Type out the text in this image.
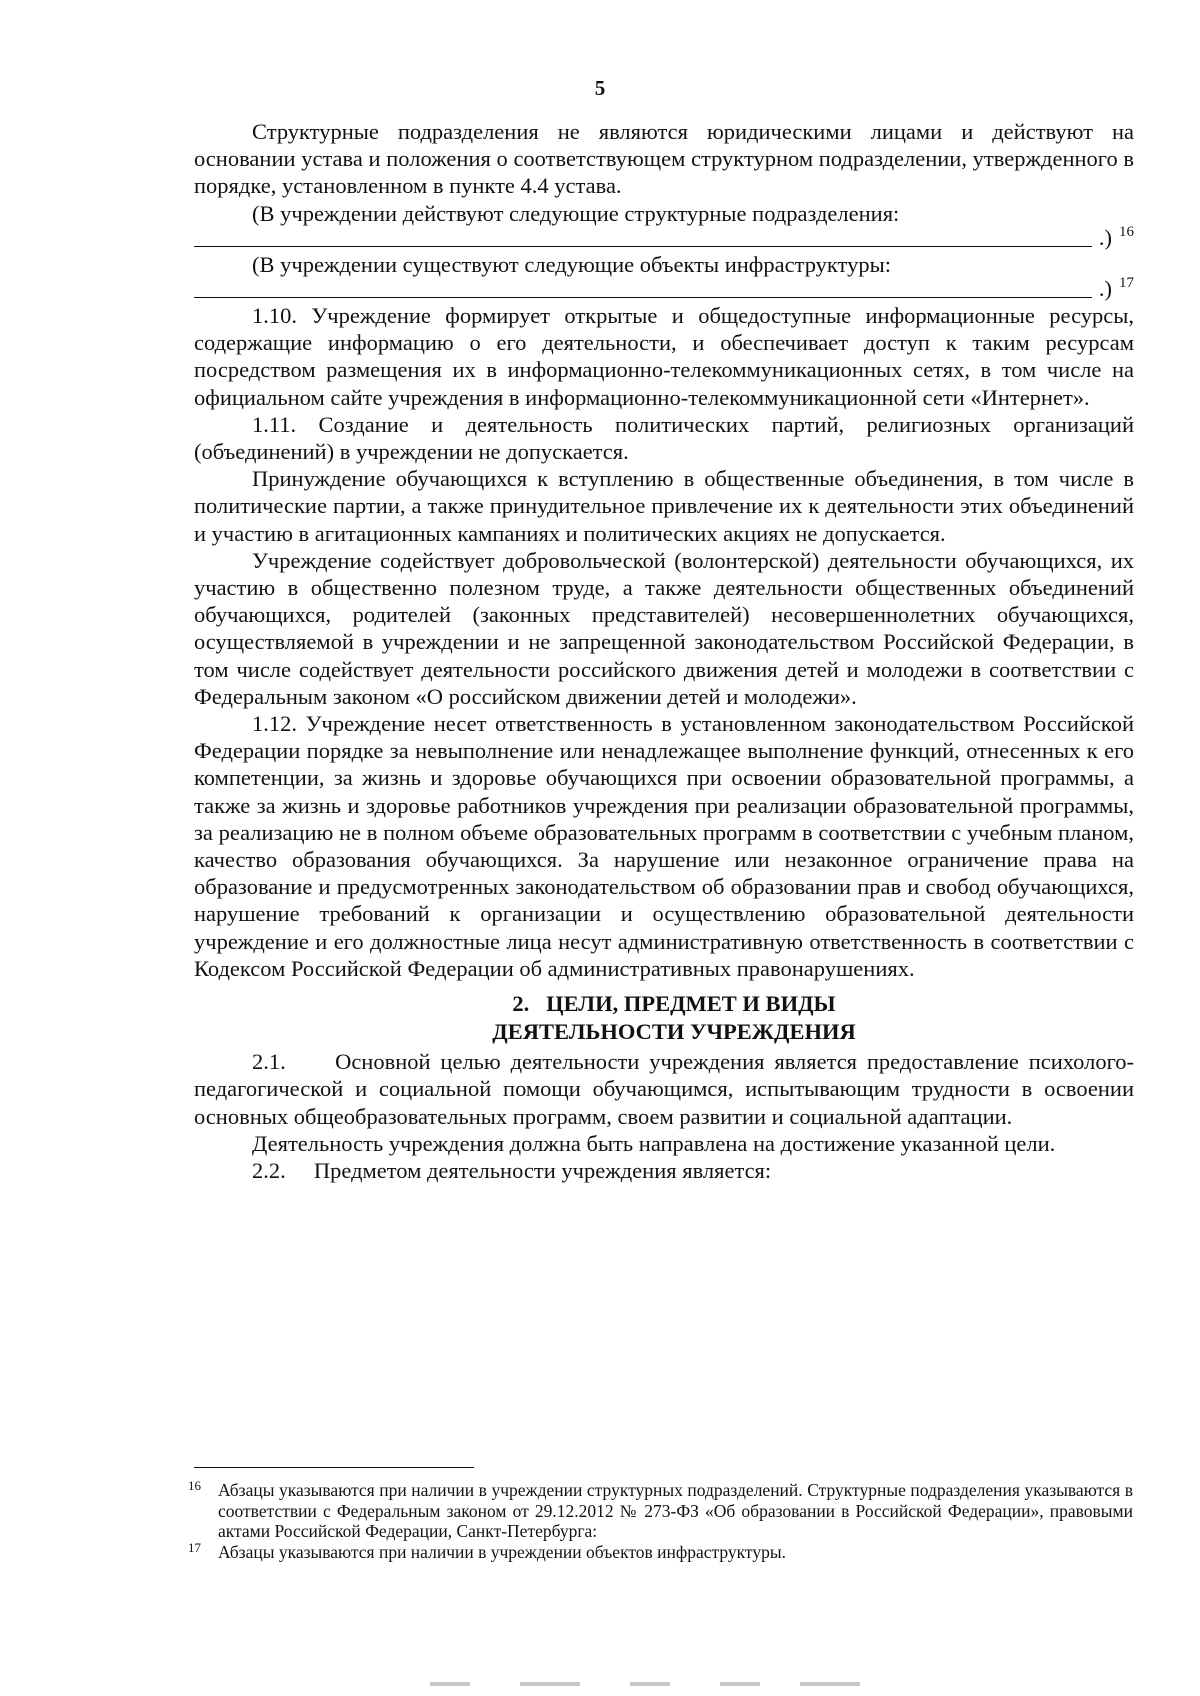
5

Структурные подразделения не являются юридическими лицами и действуют на основании устава и положения о соответствующем структурном подразделении, утвержденного в порядке, установленном в пункте 4.4 устава.

(В учреждении действуют следующие структурные подразделения:

.) 16

(В учреждении существуют следующие объекты инфраструктуры:

.) 17

1.10. Учреждение формирует открытые и общедоступные информационные ресурсы, содержащие информацию о его деятельности, и обеспечивает доступ к таким ресурсам посредством размещения их в информационно-телекоммуникационных сетях, в том числе на официальном сайте учреждения в информационно-телекоммуникационной сети «Интернет».

1.11. Создание и деятельность политических партий, религиозных организаций (объединений) в учреждении не допускается.

Принуждение обучающихся к вступлению в общественные объединения, в том числе в политические партии, а также принудительное привлечение их к деятельности этих объединений и участию в агитационных кампаниях и политических акциях не допускается.

Учреждение содействует добровольческой (волонтерской) деятельности обучающихся, их участию в общественно полезном труде, а также деятельности общественных объединений обучающихся, родителей (законных представителей) несовершеннолетних обучающихся, осуществляемой в учреждении и не запрещенной законодательством Российской Федерации, в том числе содействует деятельности российского движения детей и молодежи в соответствии с Федеральным законом «О российском движении детей и молодежи».

1.12. Учреждение несет ответственность в установленном законодательством Российской Федерации порядке за невыполнение или ненадлежащее выполнение функций, отнесенных к его компетенции, за жизнь и здоровье обучающихся при освоении образовательной программы, а также за жизнь и здоровье работников учреждения при реализации образовательной программы, за реализацию не в полном объеме образовательных программ в соответствии с учебным планом, качество образования обучающихся. За нарушение или незаконное ограничение права на образование и предусмотренных законодательством об образовании прав и свобод обучающихся, нарушение требований к организации и осуществлению образовательной деятельности учреждение и его должностные лица несут административную ответственность в соответствии с Кодексом Российской Федерации об административных правонарушениях.

2.   ЦЕЛИ, ПРЕДМЕТ И ВИДЫ
ДЕЯТЕЛЬНОСТИ УЧРЕЖДЕНИЯ

2.1.     Основной целью деятельности учреждения является предоставление психолого-педагогической и социальной помощи обучающимся, испытывающим трудности в освоении основных общеобразовательных программ, своем развитии и социальной адаптации.

Деятельность учреждения должна быть направлена на достижение указанной цели.

2.2.     Предметом деятельности учреждения является:

16 Абзацы указываются при наличии в учреждении структурных подразделений. Структурные подразделения указываются в соответствии с Федеральным законом от 29.12.2012 № 273-ФЗ «Об образовании в Российской Федерации», правовыми актами Российской Федерации, Санкт-Петербурга:
17 Абзацы указываются при наличии в учреждении объектов инфраструктуры.
